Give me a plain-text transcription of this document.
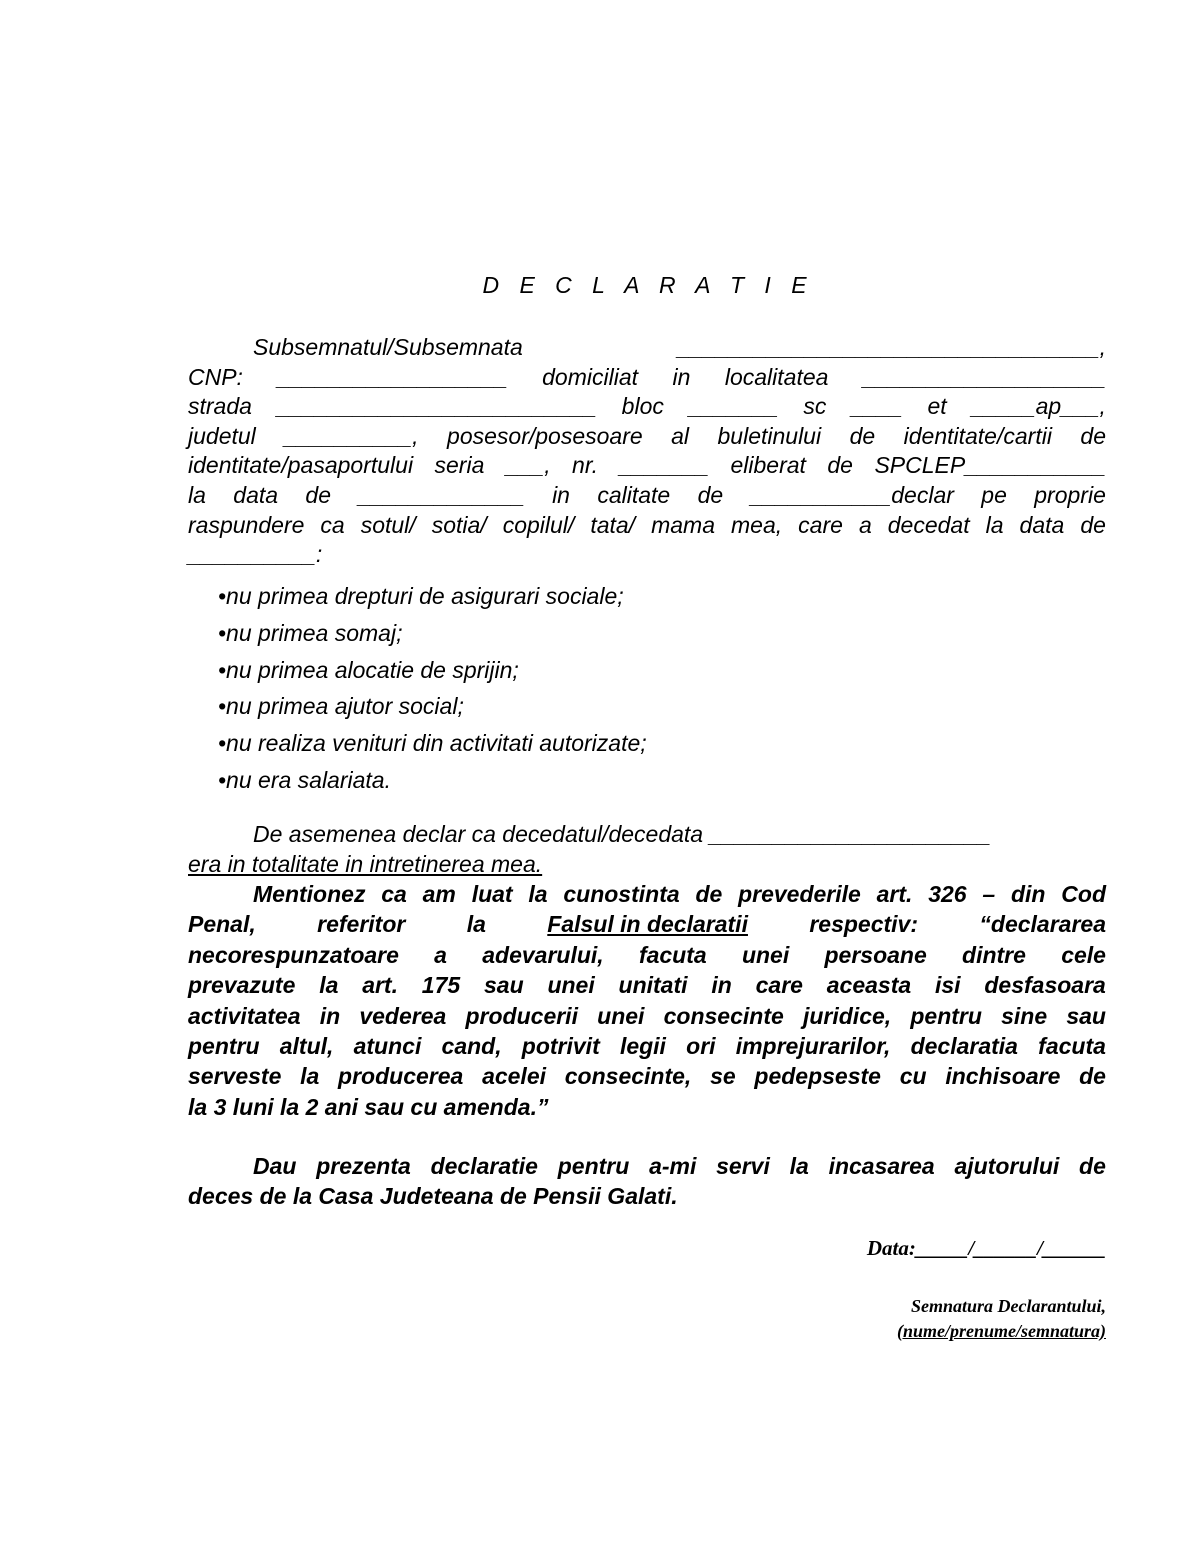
D E C L A R A T I E
Subsemnatul/Subsemnata	_________________________________,
CNP: __________________ domiciliat in localitatea ___________________
strada _________________________ bloc _______ sc ____ et _____ap___,
judetul __________, posesor/posesoare al buletinului de identitate/cartii de
identitate/pasaportului seria ___, nr. _______ eliberat de SPCLEP___________
la data de _____________ in calitate de ___________declar pe proprie
raspundere ca sotul/ sotia/ copilul/ tata/ mama mea, care a decedat la data de
__________:
•nu primea drepturi de asigurari sociale;
•nu primea somaj;
•nu primea alocatie de sprijin;
•nu primea ajutor social;
•nu realiza venituri din activitati autorizate;
•nu era salariata.
De asemenea declar ca decedatul/decedata ______________________
era in totalitate in intretinerea mea.
Mentionez ca am luat la cunostinta de prevederile art. 326 – din Cod
Penal,	referitor	la	Falsul in declaratii	respectiv:	“declararea
necorespunzatoare a adevarului, facuta unei persoane dintre cele
prevazute la art. 175 sau unei unitati in care aceasta isi desfasoara
activitatea in vederea producerii unei consecinte juridice, pentru sine sau
pentru altul, atunci cand, potrivit legii ori imprejurarilor, declaratia facuta
serveste la producerea acelei consecinte, se pedepseste cu inchisoare de
la 3 luni la 2 ani sau cu amenda.”
Dau prezenta declaratie pentru a-mi servi la incasarea ajutorului de
deces de la Casa Judeteana de Pensii Galati.
Data:_____/______/______
Semnatura Declarantului,
(nume/prenume/semnatura)
